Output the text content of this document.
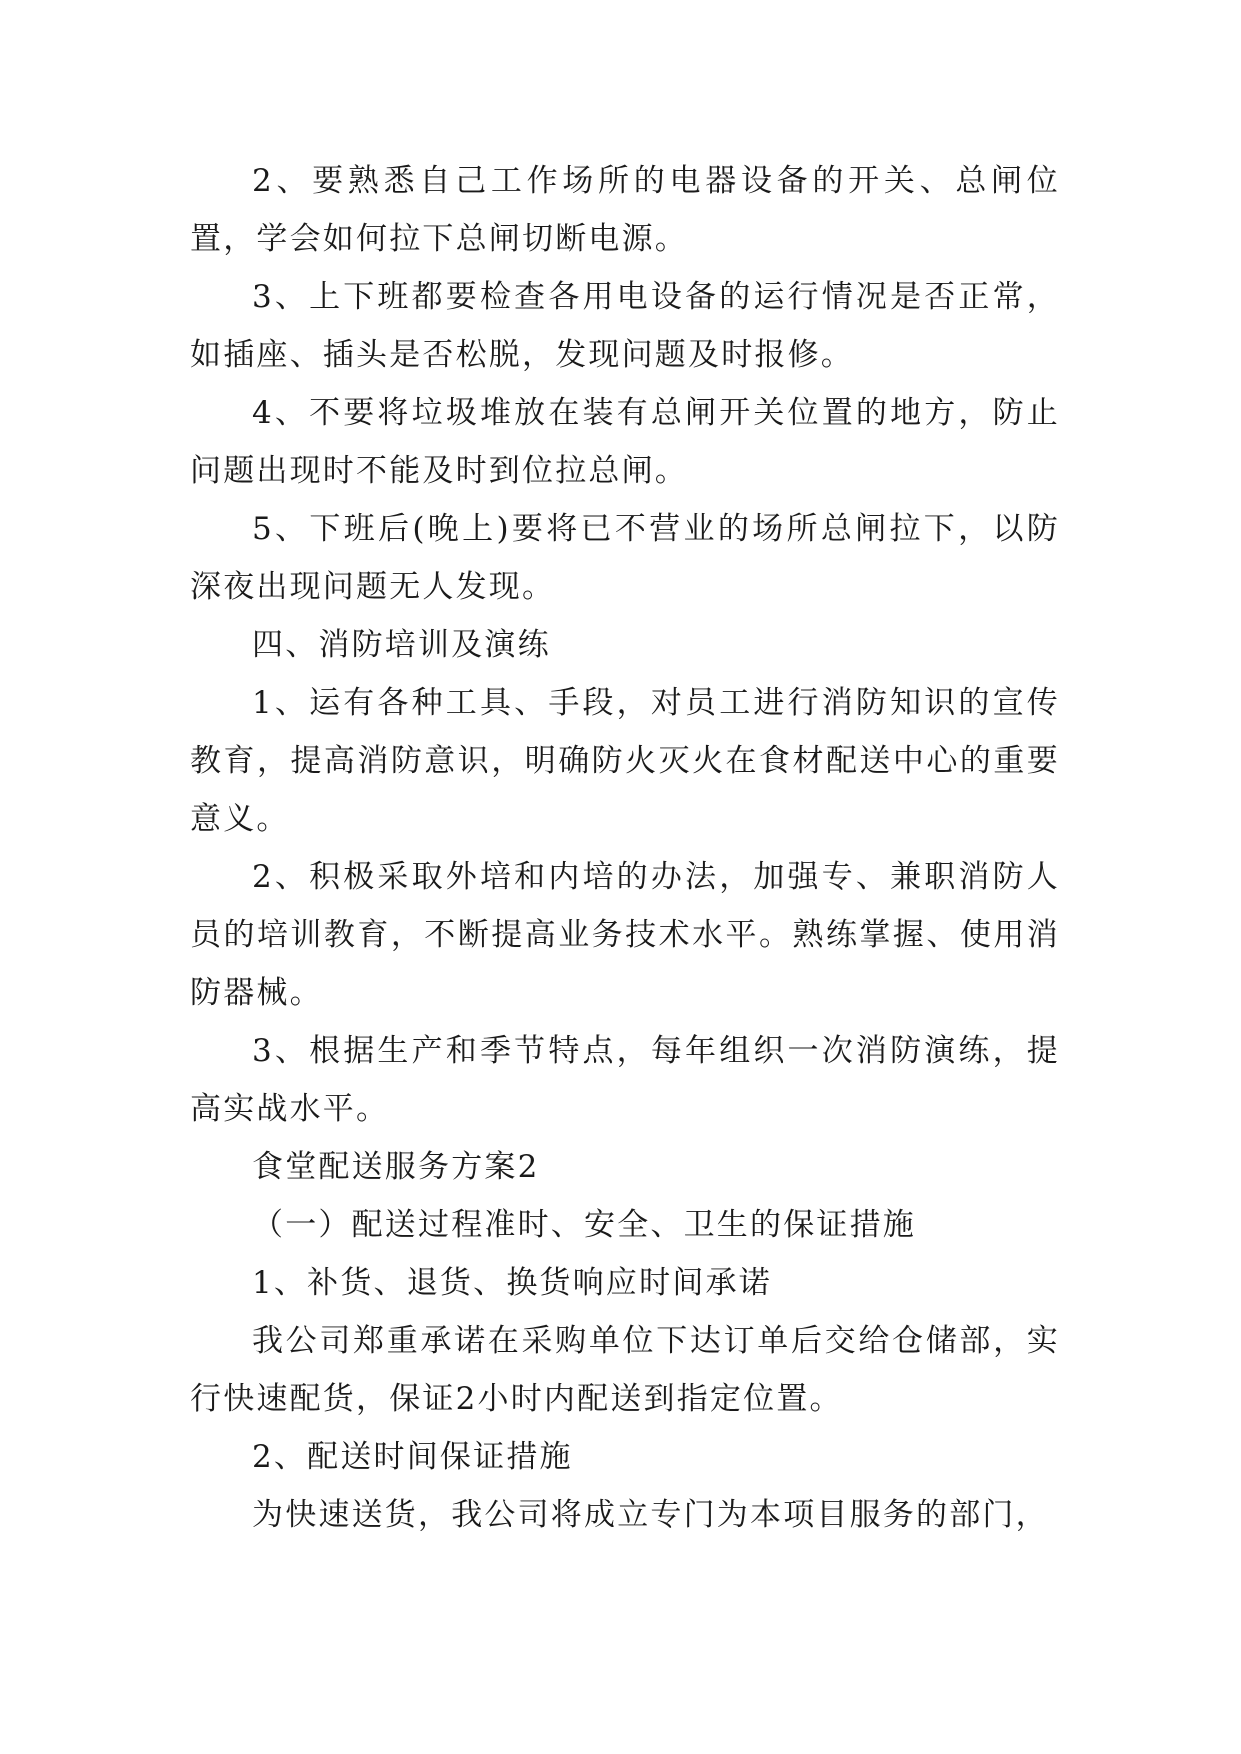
2、要熟悉自己工作场所的电器设备的开关、总闸位置，学会如何拉下总闸切断电源。

3、上下班都要检查各用电设备的运行情况是否正常，如插座、插头是否松脱，发现问题及时报修。

4、不要将垃圾堆放在装有总闸开关位置的地方，防止问题出现时不能及时到位拉总闸。

5、下班后(晚上)要将已不营业的场所总闸拉下，以防深夜出现问题无人发现。

四、消防培训及演练

1、运有各种工具、手段，对员工进行消防知识的宣传教育，提高消防意识，明确防火灭火在食材配送中心的重要意义。

2、积极采取外培和内培的办法，加强专、兼职消防人员的培训教育，不断提高业务技术水平。熟练掌握、使用消防器械。

3、根据生产和季节特点，每年组织一次消防演练，提高实战水平。

食堂配送服务方案2

（一）配送过程准时、安全、卫生的保证措施

1、补货、退货、换货响应时间承诺

我公司郑重承诺在采购单位下达订单后交给仓储部，实行快速配货，保证2小时内配送到指定位置。

2、配送时间保证措施

为快速送货，我公司将成立专门为本项目服务的部门，
